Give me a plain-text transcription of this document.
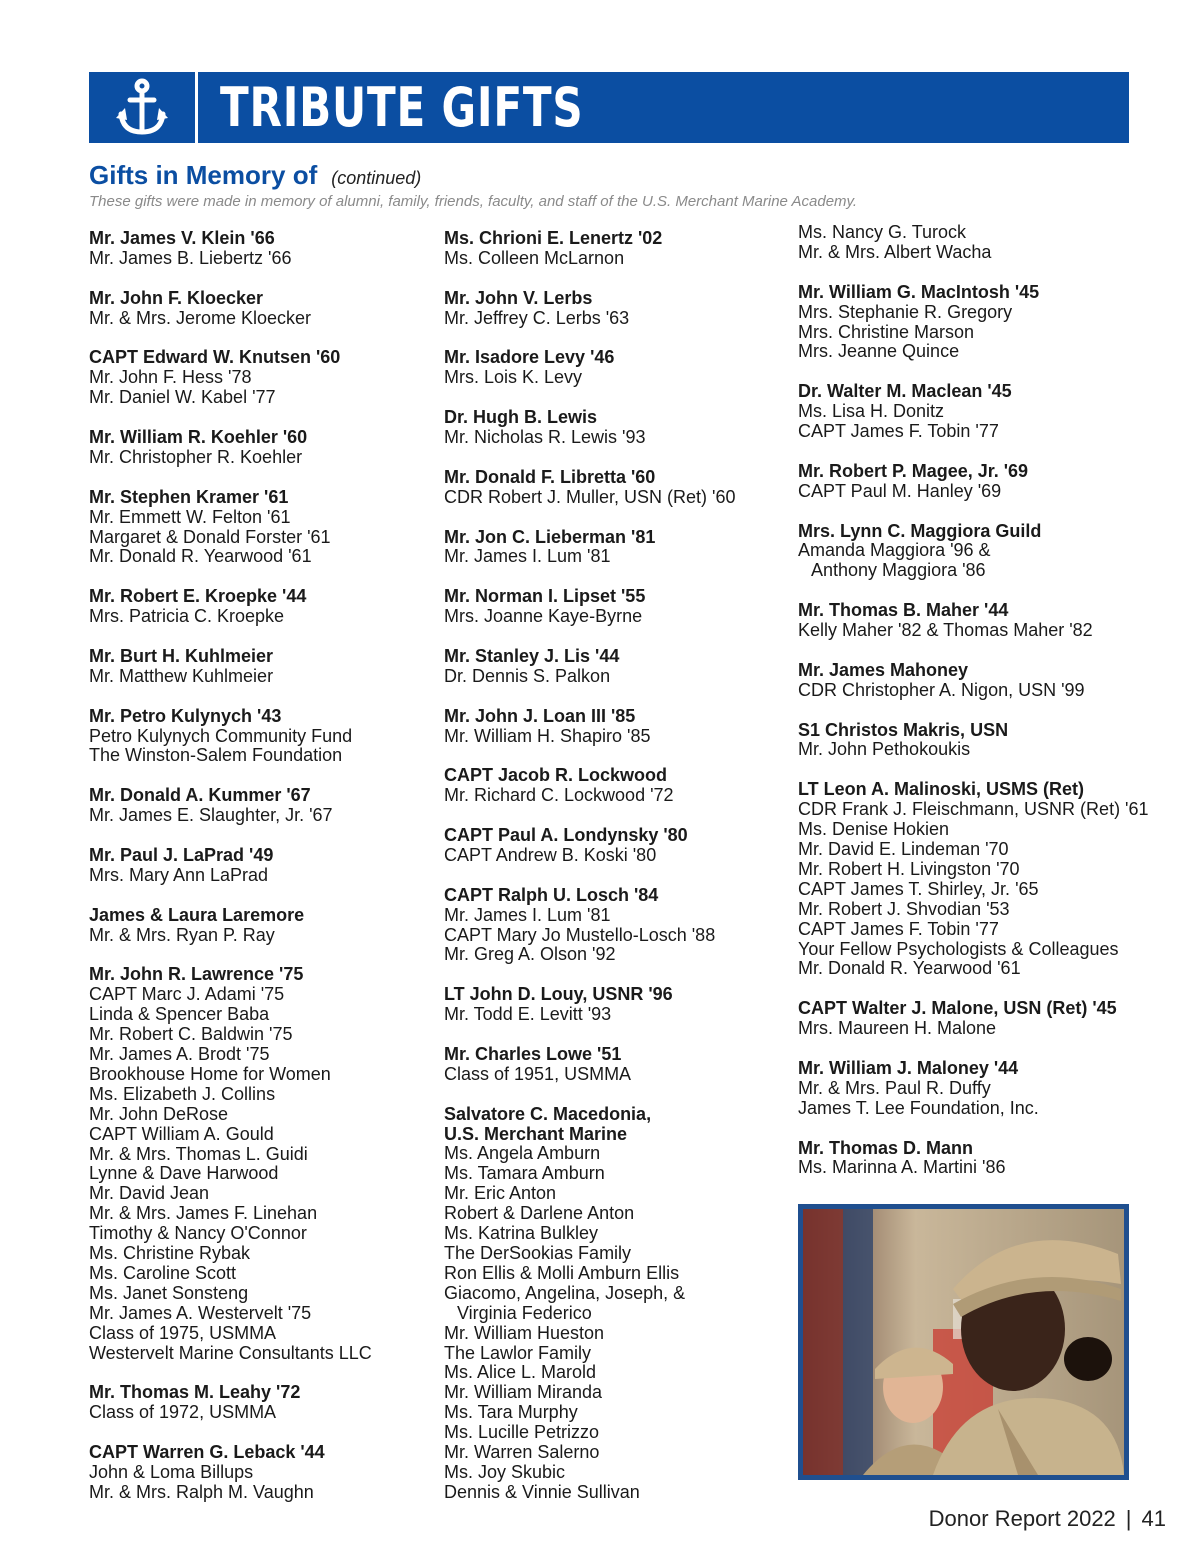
TRIBUTE GIFTS
Gifts in Memory of (continued)
These gifts were made in memory of alumni, family, friends, faculty, and staff of the U.S. Merchant Marine Academy.
Mr. James V. Klein '66
Mr. James B. Liebertz '66
Mr. John F. Kloecker
Mr. & Mrs. Jerome Kloecker
CAPT Edward W. Knutsen '60
Mr. John F. Hess '78
Mr. Daniel W. Kabel '77
Mr. William R. Koehler '60
Mr. Christopher R. Koehler
Mr. Stephen Kramer '61
Mr. Emmett W. Felton '61
Margaret & Donald Forster '61
Mr. Donald R. Yearwood '61
Mr. Robert E. Kroepke '44
Mrs. Patricia C. Kroepke
Mr. Burt H. Kuhlmeier
Mr. Matthew Kuhlmeier
Mr. Petro Kulynych '43
Petro Kulynych Community Fund
The Winston-Salem Foundation
Mr. Donald A. Kummer '67
Mr. James E. Slaughter, Jr. '67
Mr. Paul J. LaPrad '49
Mrs. Mary Ann LaPrad
James & Laura Laremore
Mr. & Mrs. Ryan P. Ray
Mr. John R. Lawrence '75
CAPT Marc J. Adami '75
Linda & Spencer Baba
Mr. Robert C. Baldwin '75
Mr. James A. Brodt '75
Brookhouse Home for Women
Ms. Elizabeth J. Collins
Mr. John DeRose
CAPT William A. Gould
Mr. & Mrs. Thomas L. Guidi
Lynne & Dave Harwood
Mr. David Jean
Mr. & Mrs. James F. Linehan
Timothy & Nancy O'Connor
Ms. Christine Rybak
Ms. Caroline Scott
Ms. Janet Sonsteng
Mr. James A. Westervelt '75
Class of 1975, USMMA
Westervelt Marine Consultants LLC
Mr. Thomas M. Leahy '72
Class of 1972, USMMA
CAPT Warren G. Leback '44
John & Loma Billups
Mr. & Mrs. Ralph M. Vaughn
Ms. Chrioni E. Lenertz '02
Ms. Colleen McLarnon
Mr. John V. Lerbs
Mr. Jeffrey C. Lerbs '63
Mr. Isadore Levy '46
Mrs. Lois K. Levy
Dr. Hugh B. Lewis
Mr. Nicholas R. Lewis '93
Mr. Donald F. Libretta '60
CDR Robert J. Muller, USN (Ret) '60
Mr. Jon C. Lieberman '81
Mr. James I. Lum '81
Mr. Norman I. Lipset '55
Mrs. Joanne Kaye-Byrne
Mr. Stanley J. Lis '44
Dr. Dennis S. Palkon
Mr. John J. Loan III '85
Mr. William H. Shapiro '85
CAPT Jacob R. Lockwood
Mr. Richard C. Lockwood '72
CAPT Paul A. Londynsky '80
CAPT Andrew B. Koski '80
CAPT Ralph U. Losch '84
Mr. James I. Lum '81
CAPT Mary Jo Mustello-Losch '88
Mr. Greg A. Olson '92
LT John D. Louy, USNR '96
Mr. Todd E. Levitt '93
Mr. Charles Lowe '51
Class of 1951, USMMA
Salvatore C. Macedonia,
U.S. Merchant Marine
Ms. Angela Amburn
Ms. Tamara Amburn
Mr. Eric Anton
Robert & Darlene Anton
Ms. Katrina Bulkley
The DerSookias Family
Ron Ellis & Molli Amburn Ellis
Giacomo, Angelina, Joseph, &
Virginia Federico
Mr. William Hueston
The Lawlor Family
Ms. Alice L. Marold
Mr. William Miranda
Ms. Tara Murphy
Ms. Lucille Petrizzo
Mr. Warren Salerno
Ms. Joy Skubic
Dennis & Vinnie Sullivan
Ms. Nancy G. Turock
Mr. & Mrs. Albert Wacha
Mr. William G. MacIntosh '45
Mrs. Stephanie R. Gregory
Mrs. Christine Marson
Mrs. Jeanne Quince
Dr. Walter M. Maclean '45
Ms. Lisa H. Donitz
CAPT James F. Tobin '77
Mr. Robert P. Magee, Jr. '69
CAPT Paul M. Hanley '69
Mrs. Lynn C. Maggiora Guild
Amanda Maggiora '96 &
Anthony Maggiora '86
Mr. Thomas B. Maher '44
Kelly Maher '82 & Thomas Maher '82
Mr. James Mahoney
CDR Christopher A. Nigon, USN '99
S1 Christos Makris, USN
Mr. John Pethokoukis
LT Leon A. Malinoski, USMS (Ret)
CDR Frank J. Fleischmann, USNR (Ret) '61
Ms. Denise Hokien
Mr. David E. Lindeman '70
Mr. Robert H. Livingston '70
CAPT James T. Shirley, Jr. '65
Mr. Robert J. Shvodian '53
CAPT James F. Tobin '77
Your Fellow Psychologists & Colleagues
Mr. Donald R. Yearwood '61
CAPT Walter J. Malone, USN (Ret) '45
Mrs. Maureen H. Malone
Mr. William J. Maloney '44
Mr. & Mrs. Paul R. Duffy
James T. Lee Foundation, Inc.
Mr. Thomas D. Mann
Ms. Marinna A. Martini '86
Donor Report 2022 | 41
